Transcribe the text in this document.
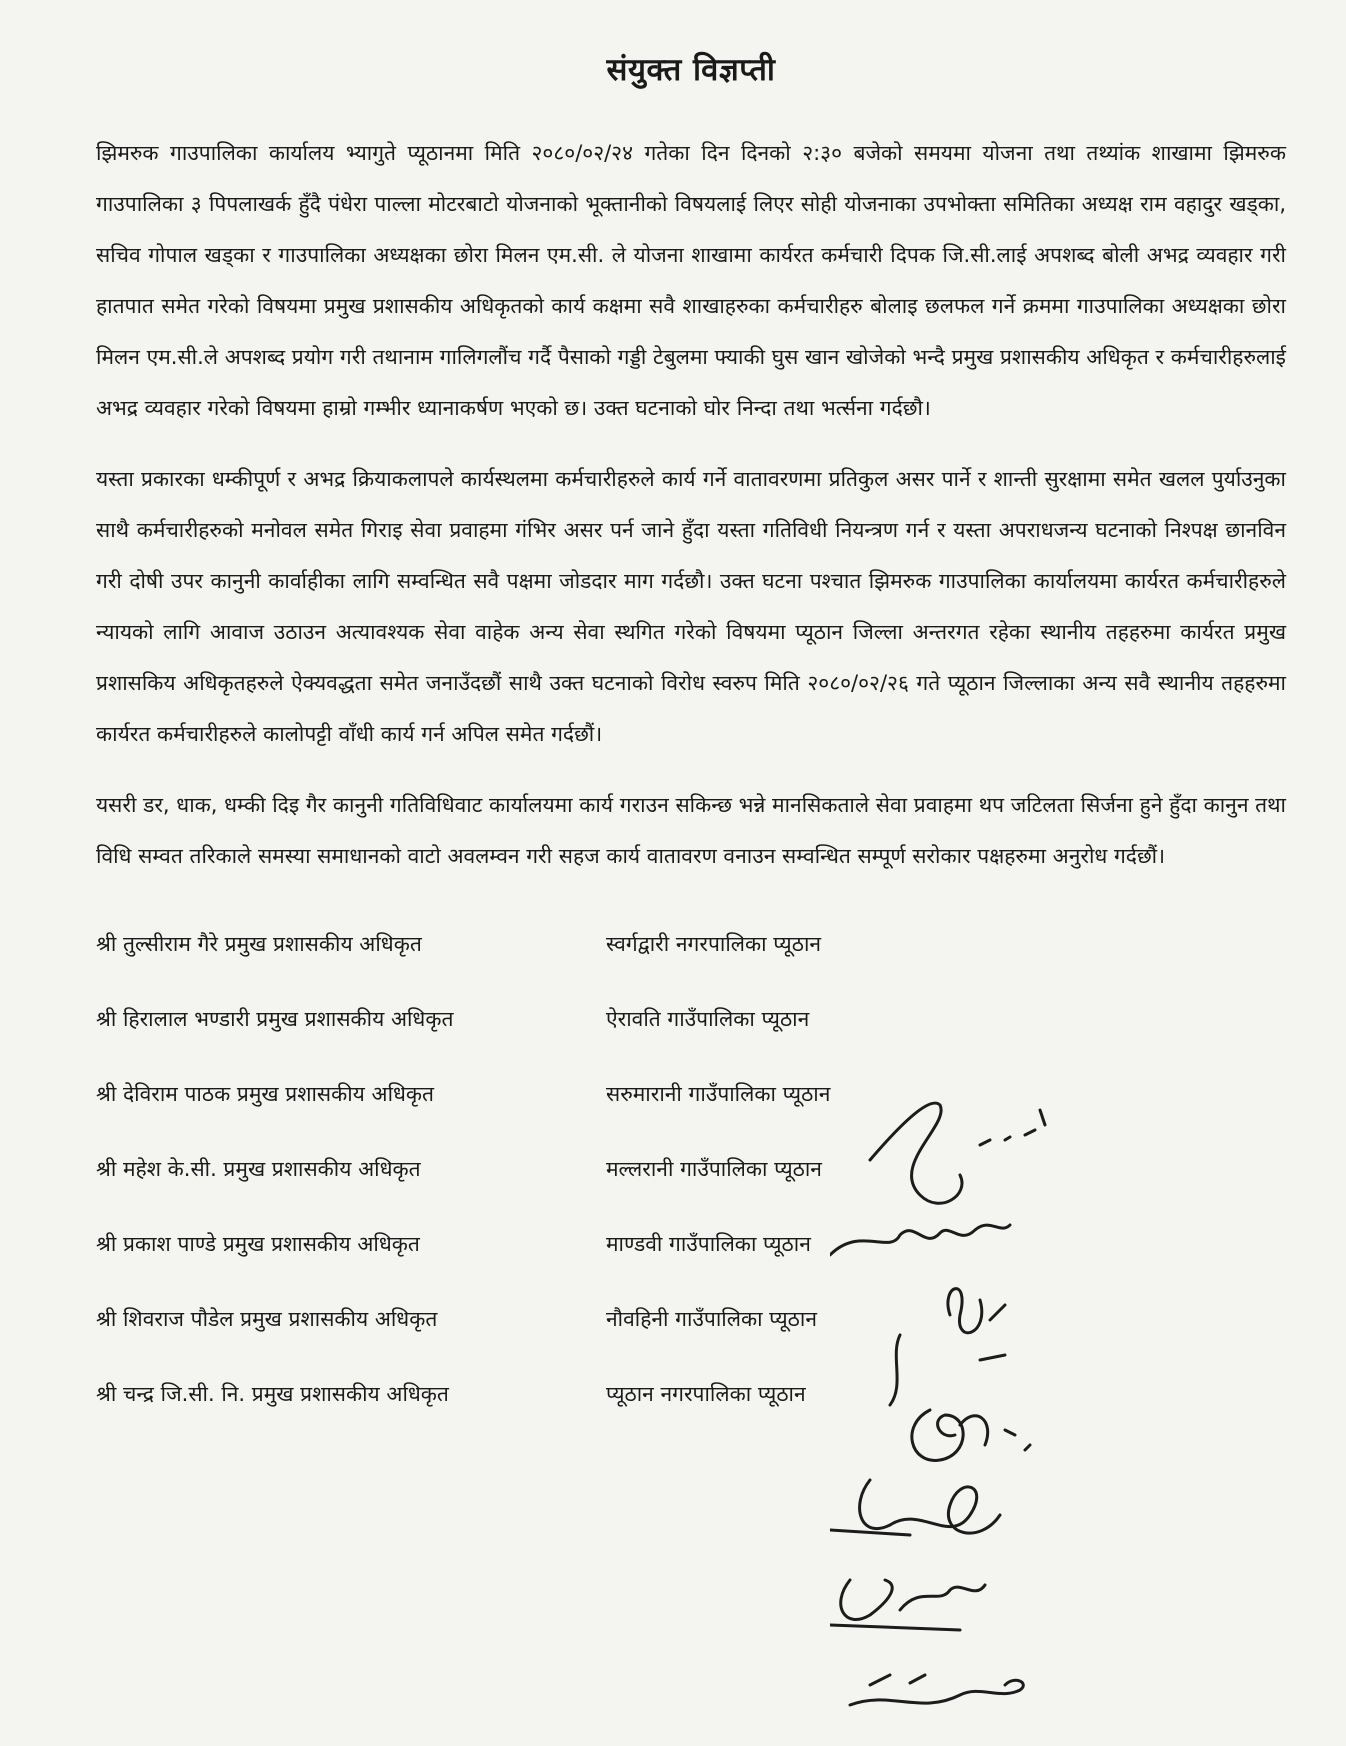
संयुक्त विज्ञप्ती

झिमरुक गाउपालिका कार्यालय भ्यागुते प्यूठानमा मिति २०८०/०२/२४ गतेका दिन दिनको २:३० बजेको समयमा योजना तथा तथ्यांक शाखामा झिमरुक गाउपालिका ३ पिपलाखर्क हुँदै पंधेरा पाल्ला मोटरबाटो योजनाको भूक्तानीको विषयलाई लिएर सोही योजनाका उपभोक्ता समितिका अध्यक्ष राम वहादुर खड्का, सचिव गोपाल खड्का र गाउपालिका अध्यक्षका छोरा मिलन एम.सी. ले योजना शाखामा कार्यरत कर्मचारी दिपक जि.सी.लाई अपशब्द बोली अभद्र व्यवहार गरी हातपात समेत गरेको विषयमा प्रमुख प्रशासकीय अधिकृतको कार्य कक्षमा सवै शाखाहरुका कर्मचारीहरु बोलाइ छलफल गर्ने क्रममा गाउपालिका अध्यक्षका छोरा मिलन एम.सी.ले अपशब्द प्रयोग गरी तथानाम गालिगलौंच गर्दै पैसाको गड्डी टेबुलमा फ्याकी घुस खान खोजेको भन्दै प्रमुख प्रशासकीय अधिकृत र कर्मचारीहरुलाई अभद्र व्यवहार गरेको विषयमा हाम्रो गम्भीर ध्यानाकर्षण भएको छ। उक्त घटनाको घोर निन्दा तथा भर्त्सना गर्दछौ।

यस्ता प्रकारका धम्कीपूर्ण र अभद्र क्रियाकलापले कार्यस्थलमा कर्मचारीहरुले कार्य गर्ने वातावरणमा प्रतिकुल असर पार्ने र शान्ती सुरक्षामा समेत खलल पुर्याउनुका साथै कर्मचारीहरुको मनोवल समेत गिराइ सेवा प्रवाहमा गंभिर असर पर्न जाने हुँदा यस्ता गतिविधी नियन्त्रण गर्न र यस्ता अपराधजन्य घटनाको निश्पक्ष छानविन गरी दोषी उपर कानुनी कार्वाहीका लागि सम्वन्धित सवै पक्षमा जोडदार माग गर्दछौ। उक्त घटना पश्चात झिमरुक गाउपालिका कार्यालयमा कार्यरत कर्मचारीहरुले न्यायको लागि आवाज उठाउन अत्यावश्यक सेवा वाहेक अन्य सेवा स्थगित गरेको विषयमा प्यूठान जिल्ला अन्तरगत रहेका स्थानीय तहहरुमा कार्यरत प्रमुख प्रशासकिय अधिकृतहरुले ऐक्यवद्धता समेत जनाउँदछौं साथै उक्त घटनाको विरोध स्वरुप मिति २०८०/०२/२६ गते प्यूठान जिल्लाका अन्य सवै स्थानीय तहहरुमा कार्यरत कर्मचारीहरुले कालोपट्टी वाँधी कार्य गर्न अपिल समेत गर्दछौं।

यसरी डर, धाक, धम्की दिइ गैर कानुनी गतिविधिवाट कार्यालयमा कार्य गराउन सकिन्छ भन्ने मानसिकताले सेवा प्रवाहमा थप जटिलता सिर्जना हुने हुँदा कानुन तथा विधि सम्वत तरिकाले समस्या समाधानको वाटो अवलम्वन गरी सहज कार्य वातावरण वनाउन सम्वन्धित सम्पूर्ण सरोकार पक्षहरुमा अनुरोध गर्दछौं।

श्री तुल्सीराम गैरे प्रमुख प्रशासकीय अधिकृत	स्वर्गद्वारी नगरपालिका प्यूठान
श्री हिरालाल भण्डारी प्रमुख प्रशासकीय अधिकृत	ऐरावति गाउँपालिका प्यूठान
श्री देविराम पाठक प्रमुख प्रशासकीय अधिकृत	सरुमारानी गाउँपालिका प्यूठान
श्री महेश के.सी. प्रमुख प्रशासकीय अधिकृत	मल्लरानी गाउँपालिका प्यूठान
श्री प्रकाश पाण्डे प्रमुख प्रशासकीय अधिकृत	माण्डवी गाउँपालिका प्यूठान
श्री शिवराज पौडेल प्रमुख प्रशासकीय अधिकृत	नौवहिनी गाउँपालिका प्यूठान
श्री चन्द्र जि.सी. नि. प्रमुख प्रशासकीय अधिकृत	प्यूठान नगरपालिका प्यूठान
